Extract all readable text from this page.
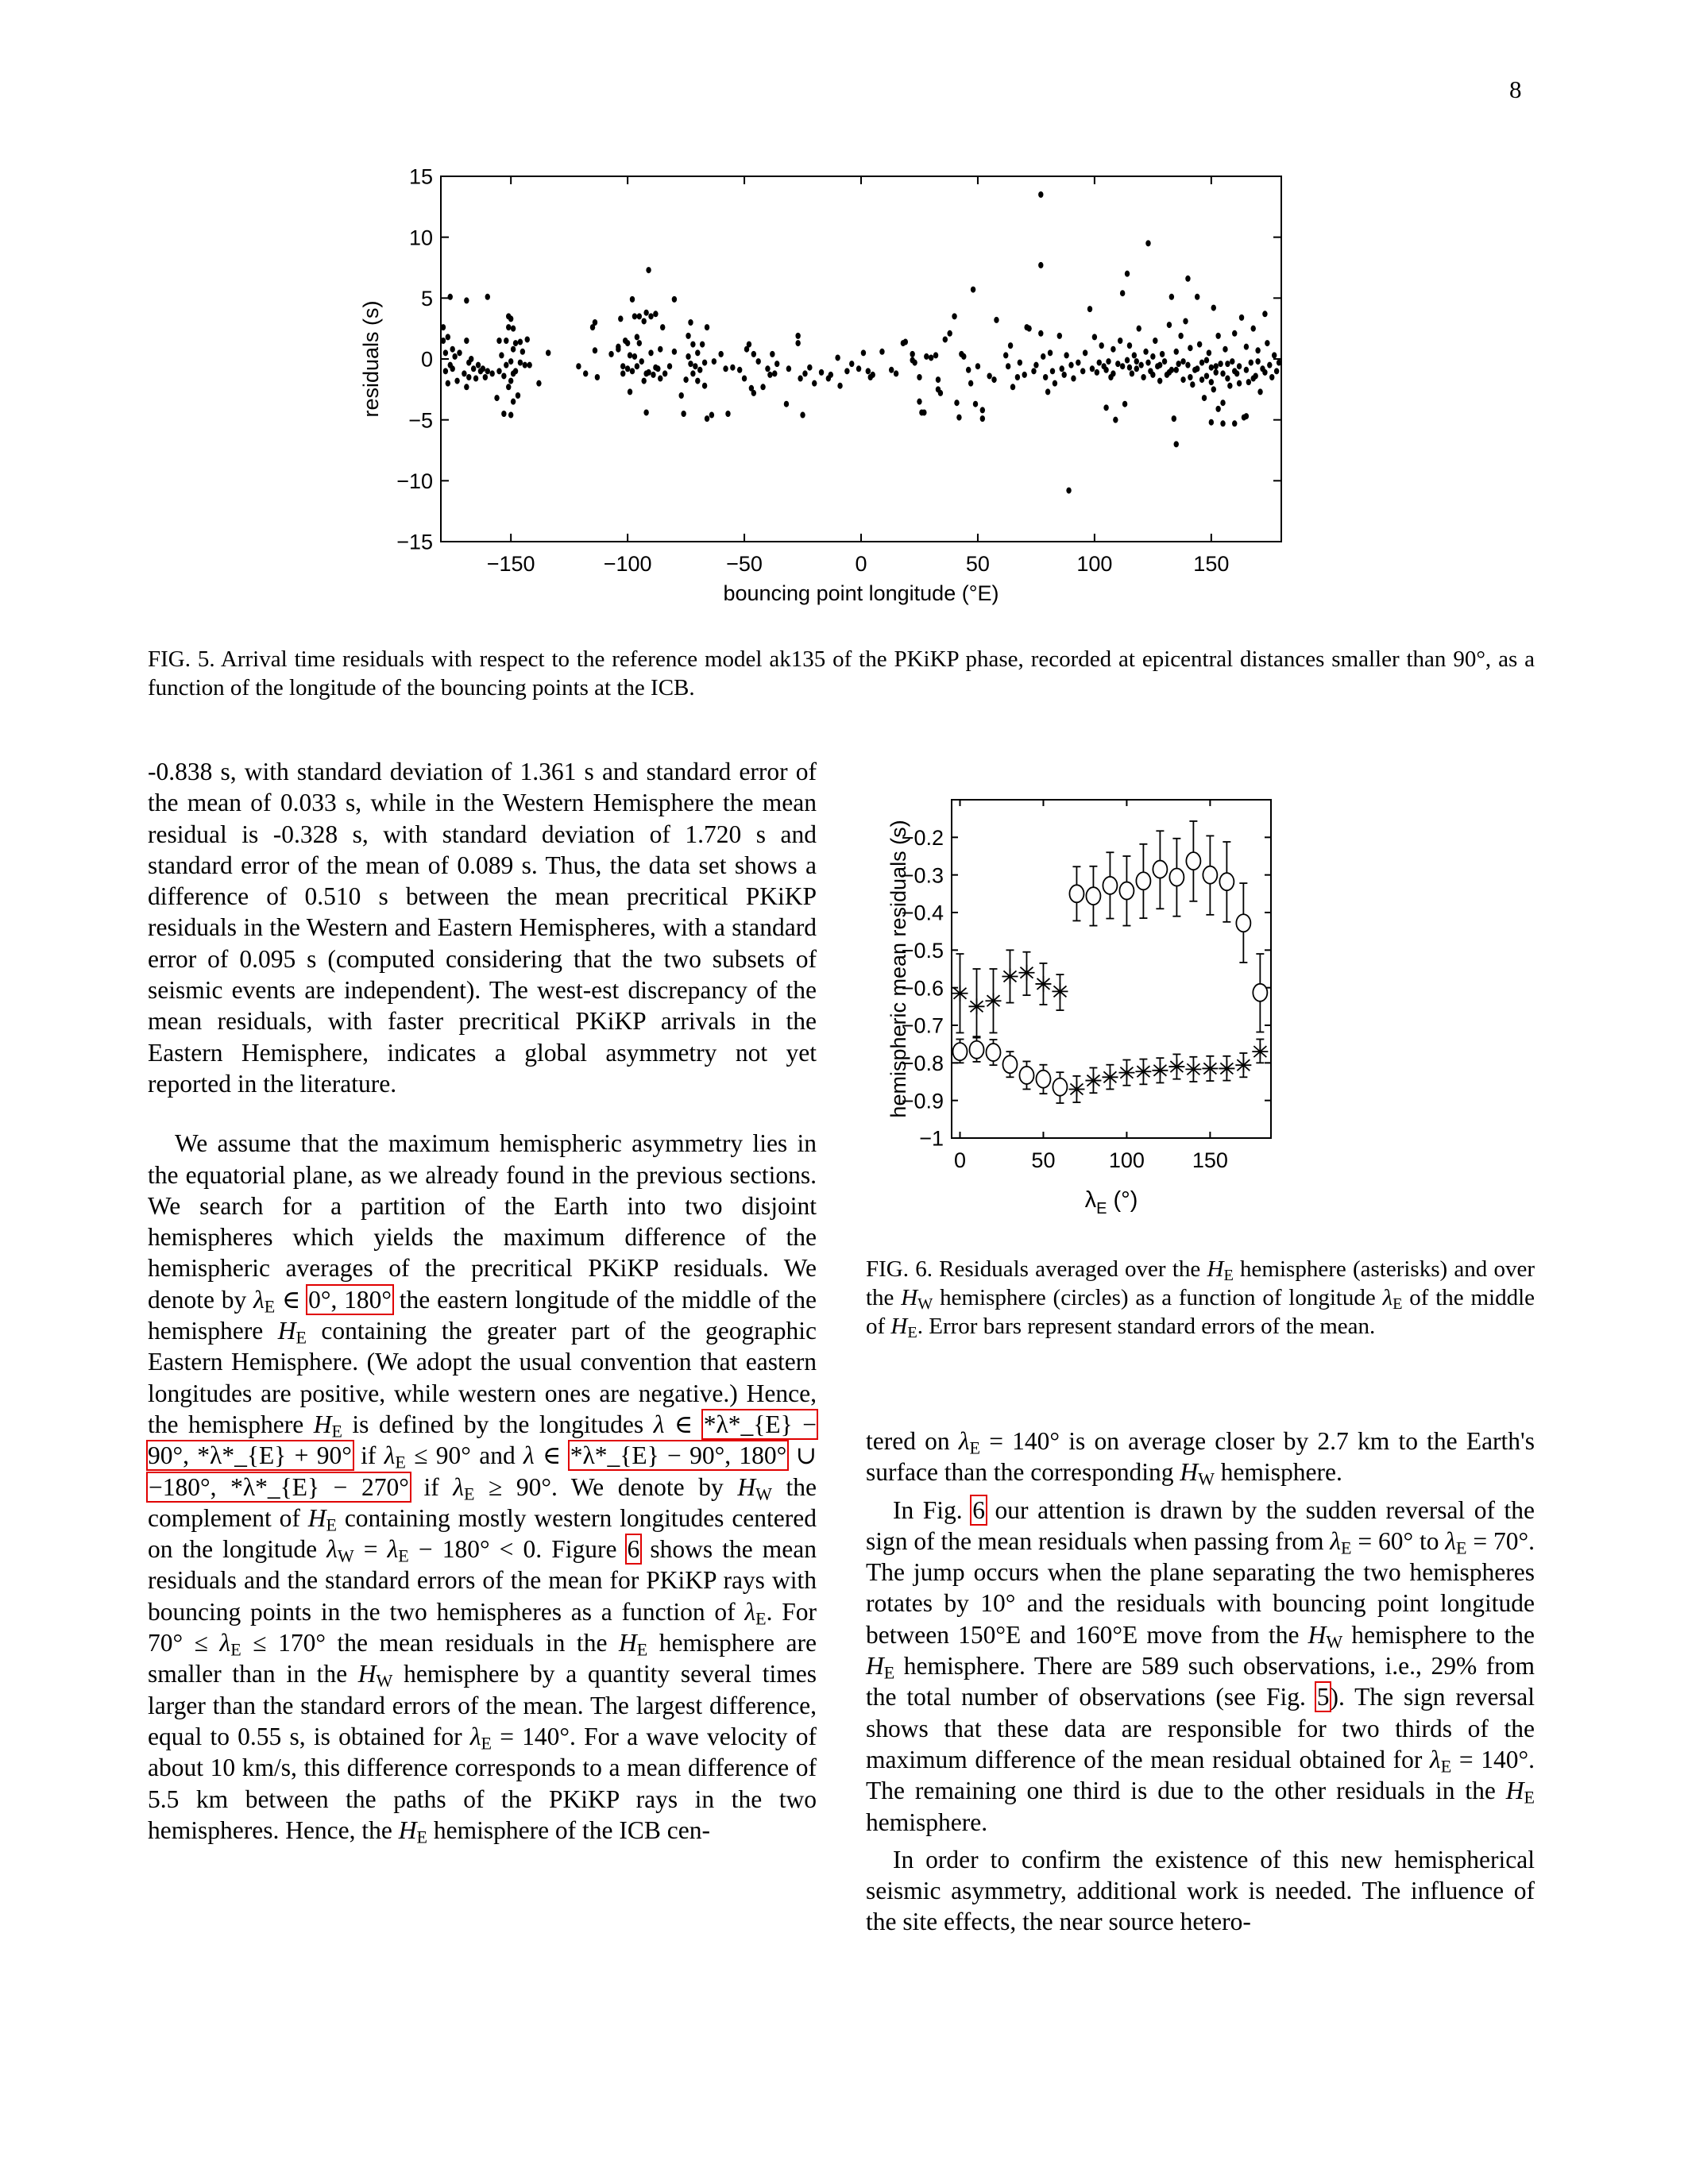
8
−150	−100	−50	0	50	100	150
15
10
5
0
−5
−10
−15
bouncing point longitude (°E)
residuals (s)
FIG. 5. Arrival time residuals with respect to the reference model ak135 of the PKiKP phase, recorded at epicentral distances smaller than 90°, as a function of the longitude of the bouncing points at the ICB.

-0.838 s, with standard deviation of 1.361 s and standard error of the mean of 0.033 s, while in the Western Hemisphere the mean residual is -0.328 s, with standard deviation of 1.720 s and standard error of the mean of 0.089 s. Thus, the data set shows a difference of 0.510 s between the mean precritical PKiKP residuals in the Western and Eastern Hemispheres, with a standard error of 0.095 s (computed considering that the two subsets of seismic events are independent). The west-est discrepancy of the mean residuals, with faster precritical PKiKP arrivals in the Eastern Hemisphere, indicates a global asymmetry not yet reported in the literature.

We assume that the maximum hemispheric asymmetry lies in the equatorial plane, as we already found in the previous sections. We search for a partition of the Earth into two disjoint hemispheres which yields the maximum difference of the hemispheric averages of the precritical PKiKP residuals. We denote by $\lambda_E$ ∈ 0°, 180° the eastern longitude of the middle of the hemisphere $H_E$ containing the greater part of the geographic Eastern Hemisphere. (We adopt the usual convention that eastern longitudes are positive, while western ones are negative.) Hence, the hemisphere $H_E$ is defined by the longitudes λ ∈ *λ*_{E} − 90°, *λ*_{E} + 90° if $\lambda_E \le 90^\circ$ and λ ∈ *λ*_{E} − 90°, 180° ∪ −180°, *λ*_{E} − 270° if $\lambda_E \ge 90^\circ$. We denote by $H_W$ the complement of $H_E$ containing mostly western longitudes centered on the longitude $\lambda_W = \lambda_E - 180^\circ < 0$. Figure 6 shows the mean residuals and the standard errors of the mean for PKiKP rays with bouncing points in the two hemispheres as a function of $\lambda_E$. For $70^\circ \le \lambda_E \le 170^\circ$ the mean residuals in the $H_E$ hemisphere are smaller than in the $H_W$ hemisphere by a quantity several times larger than the standard errors of the mean. The largest difference, equal to 0.55 s, is obtained for $\lambda_E = 140^\circ$. For a wave velocity of about 10 km/s, this difference corresponds to a mean difference of 5.5 km between the paths of the PKiKP rays in the two hemispheres. Hence, the $H_E$ hemisphere of the ICB cen-

0	50 100 150
−0.2
−0.3
−0.4
−0.5
−0.6
−0.7
−0.8
−0.9
−1
$\lambda_E$ (°)
hemispheric mean residuals (s)
FIG. 6. Residuals averaged over the $H_E$ hemisphere (asterisks) and over the $H_W$ hemisphere (circles) as a function of longitude $\lambda_E$ of the middle of $H_E$. Error bars represent standard errors of the mean.

tered on $\lambda_E = 140^\circ$ is on average closer by 2.7 km to the Earth's surface than the corresponding $H_W$ hemisphere.

In Fig. 6 our attention is drawn by the sudden reversal of the sign of the mean residuals when passing from $\lambda_E = 60^\circ$ to $\lambda_E = 70^\circ$. The jump occurs when the plane separating the two hemispheres rotates by 10° and the residuals with bouncing point longitude between 150°E and 160°E move from the $H_W$ hemisphere to the $H_E$ hemisphere. There are 589 such observations, i.e., 29% from the total number of observations (see Fig. 5). The sign reversal shows that these data are responsible for two thirds of the maximum difference of the mean residual obtained for $\lambda_E = 140^\circ$. The remaining one third is due to the other residuals in the $H_E$ hemisphere.

In order to confirm the existence of this new hemispherical seismic asymmetry, additional work is needed. The influence of the site effects, the near source hetero-
